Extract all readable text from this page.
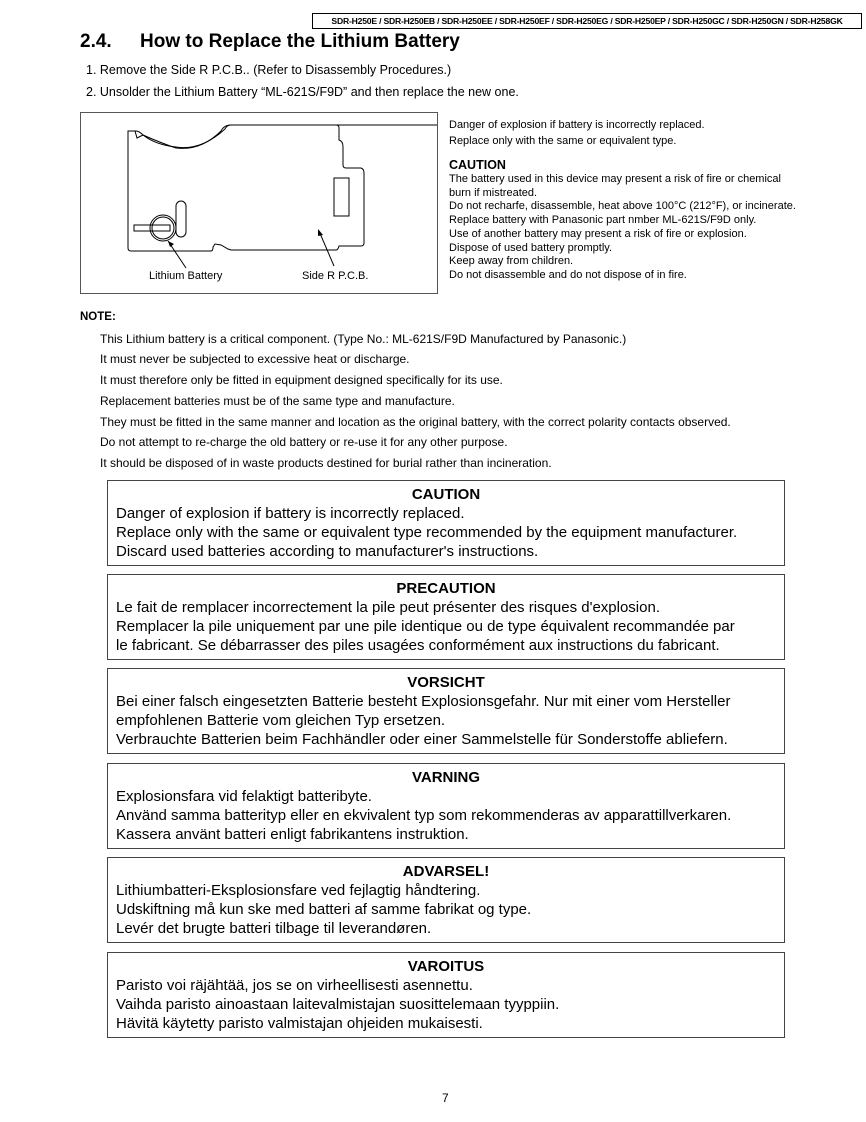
SDR-H250E / SDR-H250EB / SDR-H250EE / SDR-H250EF / SDR-H250EG / SDR-H250EP / SDR-H250GC / SDR-H250GN / SDR-H258GK
2.4. How to Replace the Lithium Battery
1. Remove the Side R P.C.B.. (Refer to Disassembly Procedures.)
2. Unsolder the Lithium Battery “ML-621S/F9D” and then replace the new one.
Lithium Battery	Side R P.C.B.
Danger of explosion if battery is incorrectly replaced.
Replace only with the same or equivalent type.
CAUTION
The battery used in this device may present a risk of fire or chemical
burn if mistreated.
Do not recharfe, disassemble, heat above 100°C (212°F), or incinerate.
Replace battery with Panasonic part nmber ML-621S/F9D only.
Use of another battery may present a risk of fire or explosion.
Dispose of used battery promptly.
Keep away from children.
Do not disassemble and do not dispose of in fire.
NOTE:
This Lithium battery is a critical component. (Type No.: ML-621S/F9D Manufactured by Panasonic.)
It must never be subjected to excessive heat or discharge.
It must therefore only be fitted in equipment designed specifically for its use.
Replacement batteries must be of the same type and manufacture.
They must be fitted in the same manner and location as the original battery, with the correct polarity contacts observed.
Do not attempt to re-charge the old battery or re-use it for any other purpose.
It should be disposed of in waste products destined for burial rather than incineration.
CAUTION
Danger of explosion if battery is incorrectly replaced.
Replace only with the same or equivalent type recommended by the equipment manufacturer.
Discard used batteries according to manufacturer's instructions.
PRECAUTION
Le fait de remplacer incorrectement la pile peut présenter des risques d'explosion.
Remplacer la pile uniquement par une pile identique ou de type équivalent recommandée par
le fabricant. Se débarrasser des piles usagées conformément aux instructions du fabricant.
VORSICHT
Bei einer falsch eingesetzten Batterie besteht Explosionsgefahr. Nur mit einer vom Hersteller
empfohlenen Batterie vom gleichen Typ ersetzen.
Verbrauchte Batterien beim Fachhändler oder einer Sammelstelle für Sonderstoffe abliefern.
VARNING
Explosionsfara vid felaktigt batteribyte.
Använd samma batterityp eller en ekvivalent typ som rekommenderas av apparattillverkaren.
Kassera använt batteri enligt fabrikantens instruktion.
ADVARSEL!
Lithiumbatteri-Eksplosionsfare ved fejlagtig håndtering.
Udskiftning må kun ske med batteri af samme fabrikat og type.
Levér det brugte batteri tilbage til leverandøren.
VAROITUS
Paristo voi räjähtää, jos se on virheellisesti asennettu.
Vaihda paristo ainoastaan laitevalmistajan suosittelemaan tyyppiin.
Hävitä käytetty paristo valmistajan ohjeiden mukaisesti.
7
